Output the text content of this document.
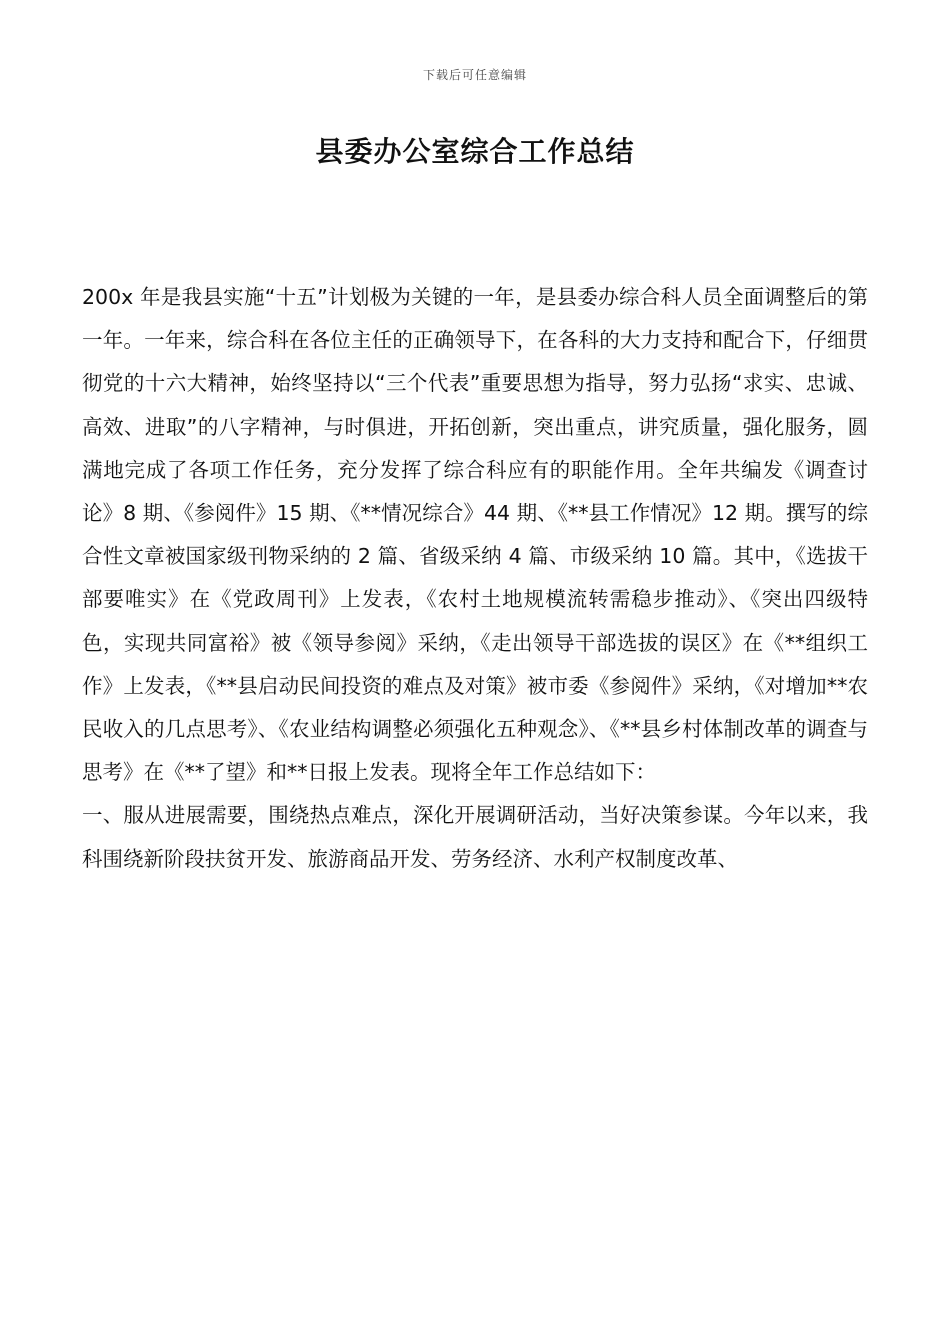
下载后可任意编辑
县委办公室综合工作总结

200x 年是我县实施“十五”计划极为关键的一年，是县委办综合科人员全面调整后的第一年。一年来，综合科在各位主任的正确领导下，在各科的大力支持和配合下，仔细贯彻党的十六大精神，始终坚持以“三个代表”重要思想为指导，努力弘扬“求实、忠诚、高效、进取”的八字精神，与时俱进，开拓创新，突出重点，讲究质量，强化服务，圆满地完成了各项工作任务，充分发挥了综合科应有的职能作用。全年共编发《调查讨论》8 期、《参阅件》15 期、《**情况综合》44 期、《**县工作情况》12 期。撰写的综合性文章被国家级刊物采纳的 2 篇、省级采纳 4 篇、市级采纳 10 篇。其中，《选拔干部要唯实》在《党政周刊》上发表，《农村土地规模流转需稳步推动》、《突出四级特色，实现共同富裕》被《领导参阅》采纳，《走出领导干部选拔的误区》在《**组织工作》上发表，《**县启动民间投资的难点及对策》被市委《参阅件》采纳，《对增加**农民收入的几点思考》、《农业结构调整必须强化五种观念》、《**县乡村体制改革的调查与思考》在《**了望》和**日报上发表。现将全年工作总结如下：

一、服从进展需要，围绕热点难点，深化开展调研活动，当好决策参谋。今年以来，我科围绕新阶段扶贫开发、旅游商品开发、劳务经济、水利产权制度改革、
